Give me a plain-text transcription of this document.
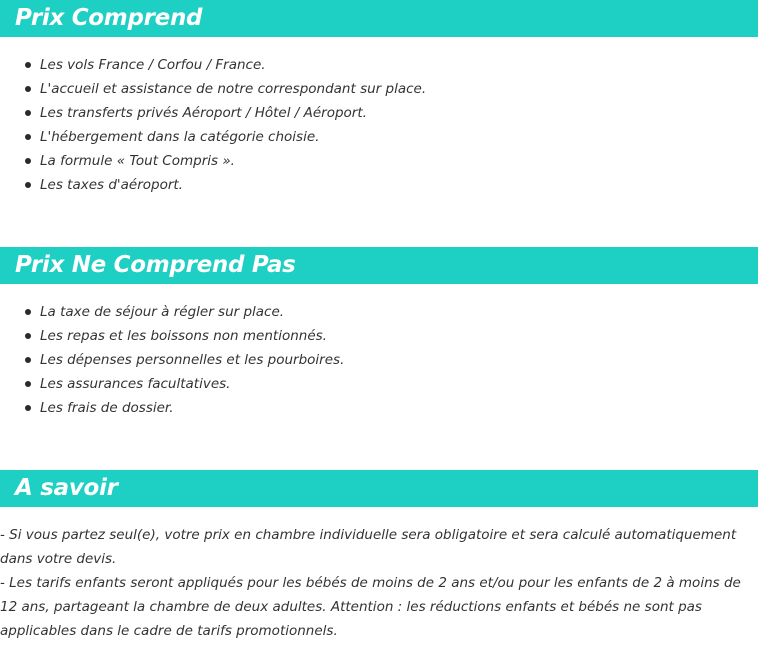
Prix Comprend
Les vols France / Corfou / France.
L'accueil et assistance de notre correspondant sur place.
Les transferts privés Aéroport / Hôtel / Aéroport.
L'hébergement dans la catégorie choisie.
La formule « Tout Compris ».
Les taxes d'aéroport.
Prix Ne Comprend Pas
La taxe de séjour à régler sur place.
Les repas et les boissons non mentionnés.
Les dépenses personnelles et les pourboires.
Les assurances facultatives.
Les frais de dossier.
A savoir

- Si vous partez seul(e), votre prix en chambre individuelle sera obligatoire et sera calculé automatiquement dans votre devis.

- Les tarifs enfants seront appliqués pour les bébés de moins de 2 ans et/ou pour les enfants de 2 à moins de 12 ans, partageant la chambre de deux adultes. Attention : les réductions enfants et bébés ne sont pas applicables dans le cadre de tarifs promotionnels.
